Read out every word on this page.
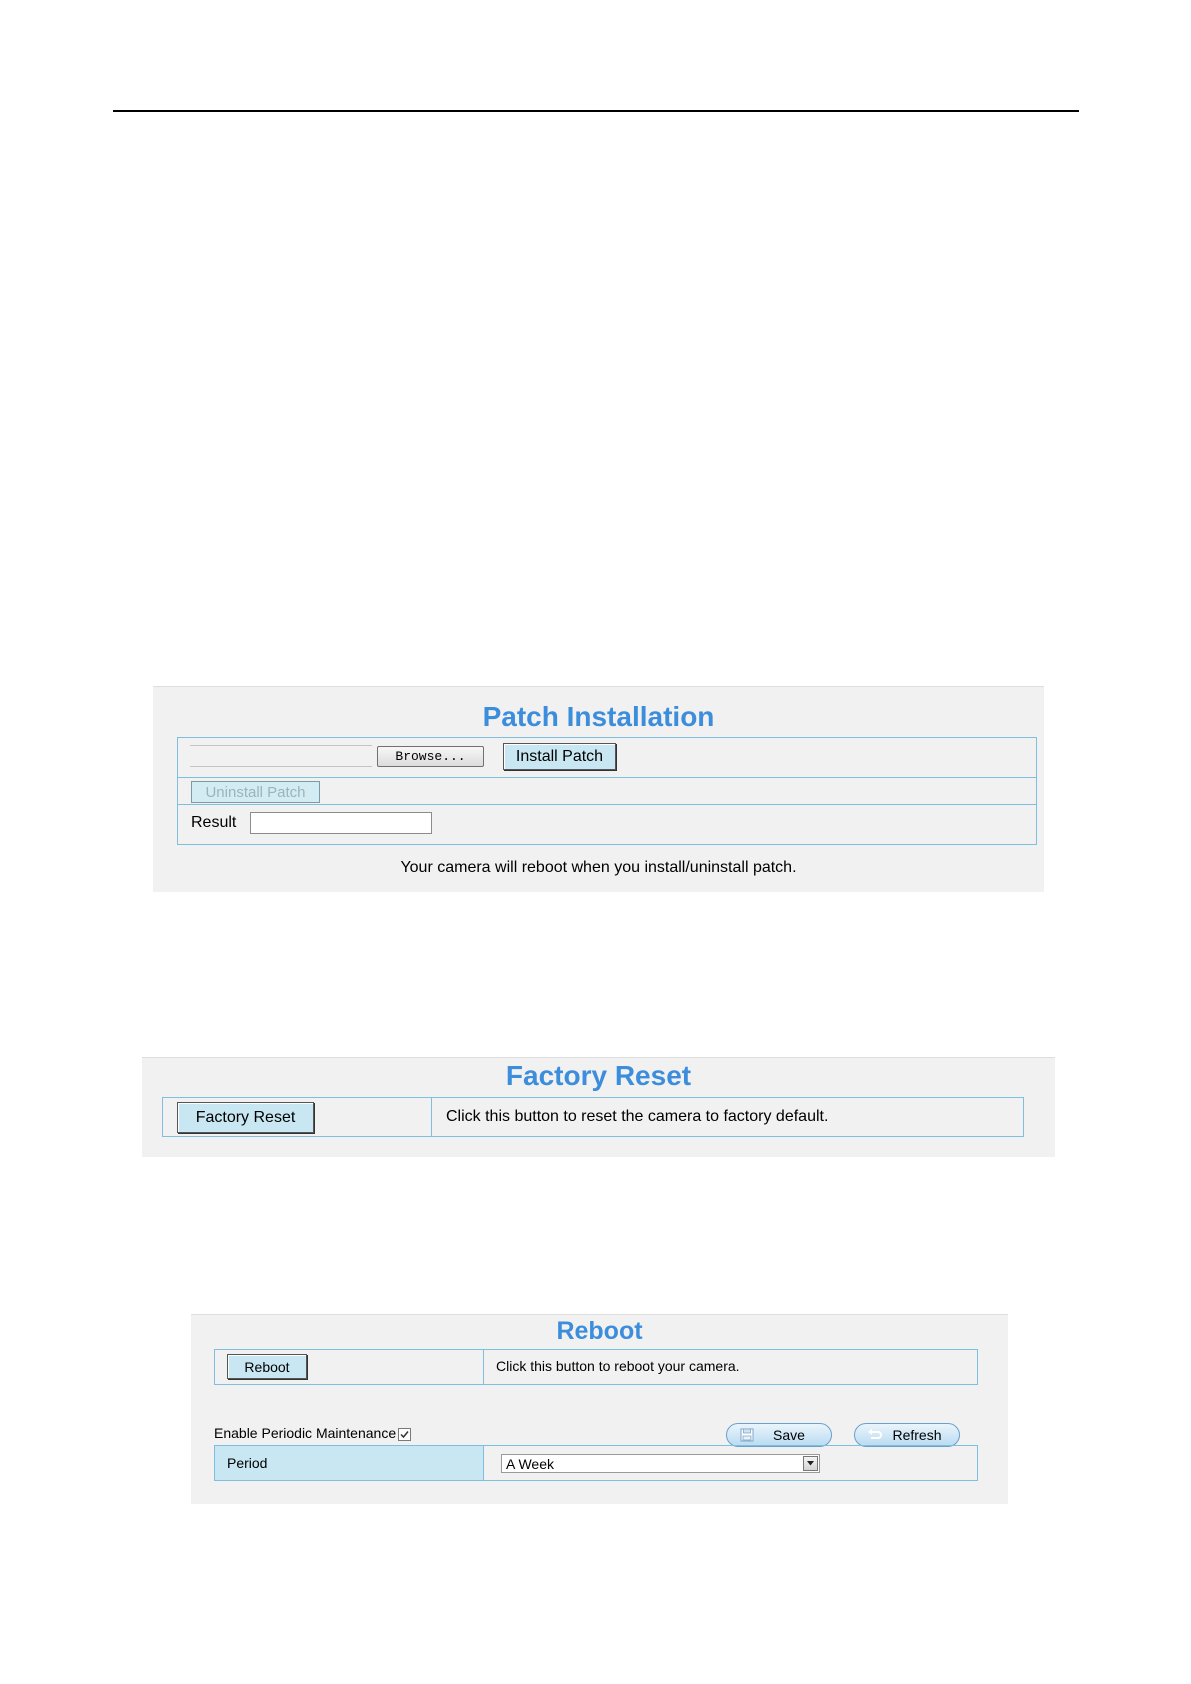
Patch Installation
Browse...	Install Patch
Uninstall Patch
Result
Your camera will reboot when you install/uninstall patch.
Factory Reset
Factory Reset	Click this button to reset the camera to factory default.
Reboot
Reboot	Click this button to reboot your camera.
Enable Periodic Maintenance	Save	Refresh
Period	A Week
